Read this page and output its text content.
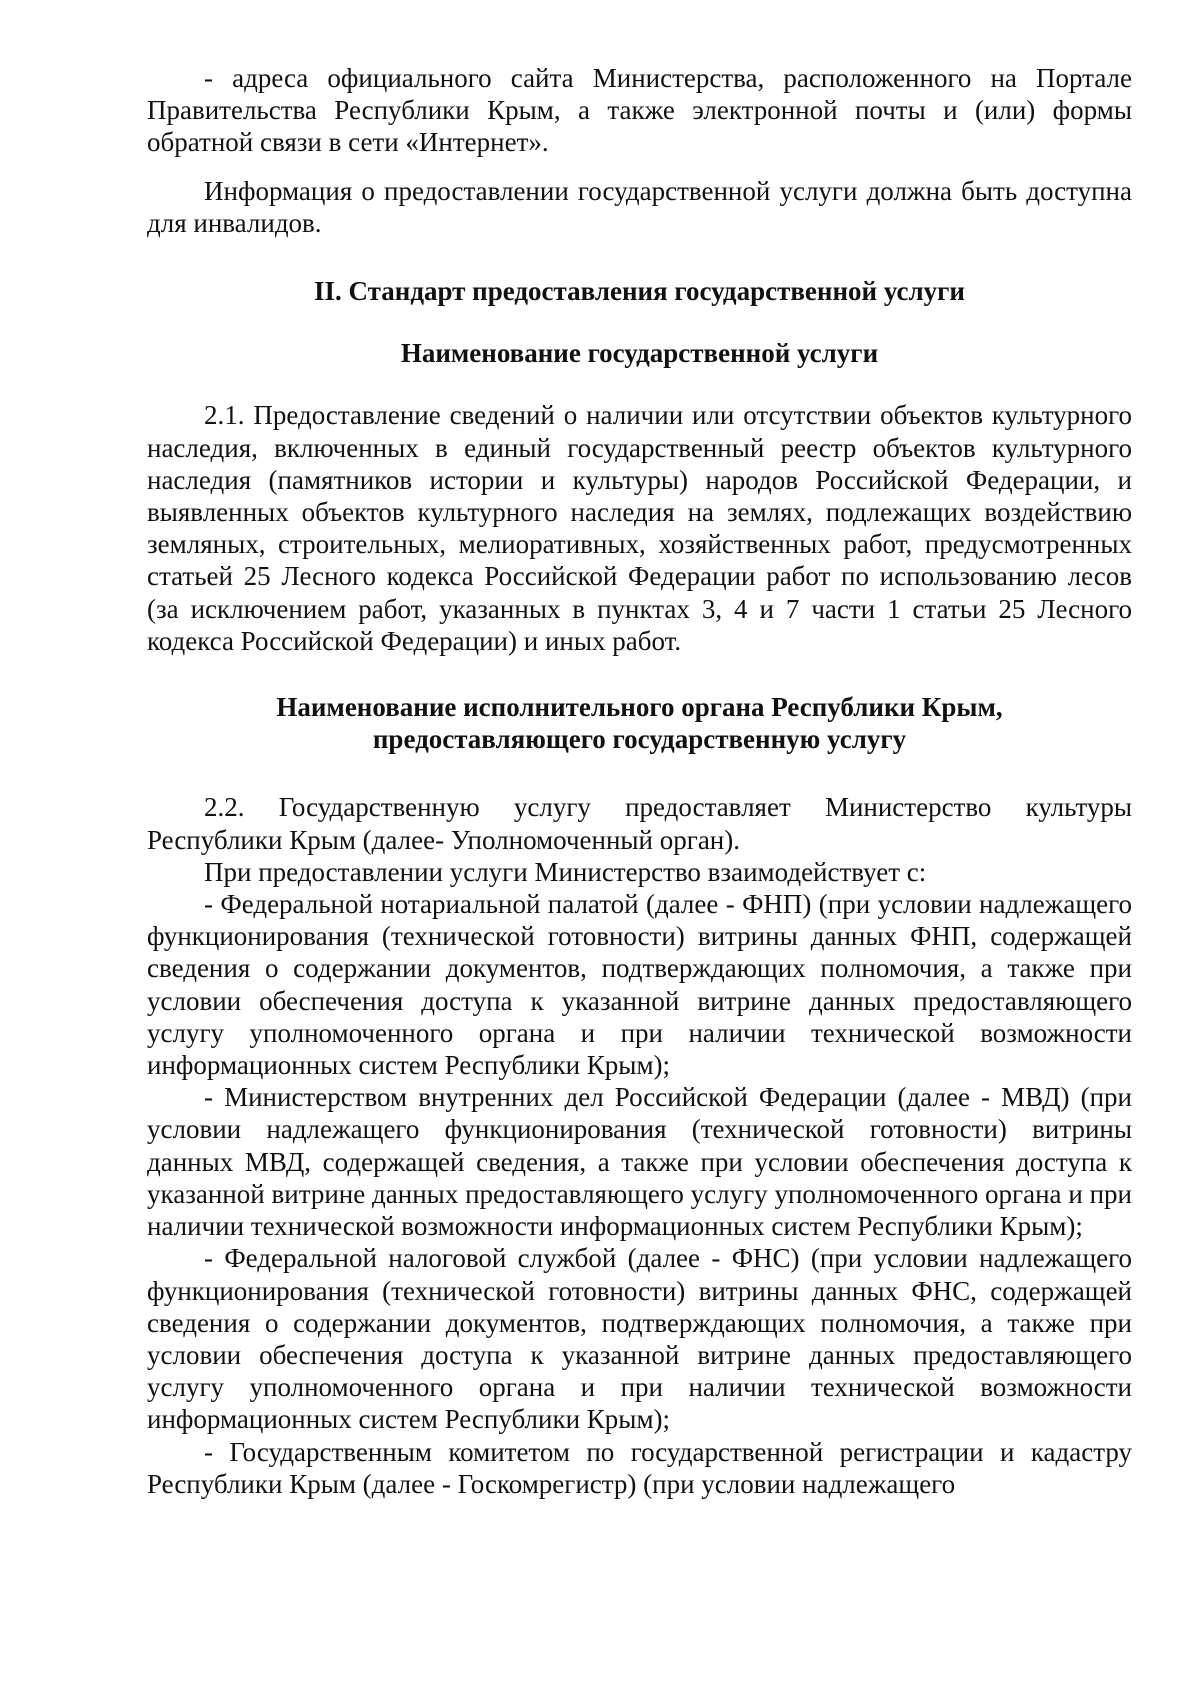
- адреса официального сайта Министерства, расположенного на Портале Правительства Республики Крым, а также электронной почты и (или) формы обратной связи в сети «Интернет».

Информация о предоставлении государственной услуги должна быть доступна для инвалидов.

II. Стандарт предоставления государственной услуги

Наименование государственной услуги

2.1. Предоставление сведений о наличии или отсутствии объектов культурного наследия, включенных в единый государственный реестр объектов культурного наследия (памятников истории и культуры) народов Российской Федерации, и выявленных объектов культурного наследия на землях, подлежащих воздействию земляных, строительных, мелиоративных, хозяйственных работ, предусмотренных статьей 25 Лесного кодекса Российской Федерации работ по использованию лесов (за исключением работ, указанных в пунктах 3, 4 и 7 части 1 статьи 25 Лесного кодекса Российской Федерации) и иных работ.

Наименование исполнительного органа Республики Крым,
предоставляющего государственную услугу

2.2. Государственную услугу предоставляет Министерство культуры Республики Крым (далее- Уполномоченный орган).

При предоставлении услуги Министерство взаимодействует с:

- Федеральной нотариальной палатой (далее - ФНП) (при условии надлежащего функционирования (технической готовности) витрины данных ФНП, содержащей сведения о содержании документов, подтверждающих полномочия, а также при условии обеспечения доступа к указанной витрине данных предоставляющего услугу уполномоченного органа и при наличии технической возможности информационных систем Республики Крым);

- Министерством внутренних дел Российской Федерации (далее - МВД) (при условии надлежащего функционирования (технической готовности) витрины данных МВД, содержащей сведения, а также при условии обеспечения доступа к указанной витрине данных предоставляющего услугу уполномоченного органа и при наличии технической возможности информационных систем Республики Крым);

- Федеральной налоговой службой (далее - ФНС) (при условии надлежащего функционирования (технической готовности) витрины данных ФНС, содержащей сведения о содержании документов, подтверждающих полномочия, а также при условии обеспечения доступа к указанной витрине данных предоставляющего услугу уполномоченного органа и при наличии технической возможности информационных систем Республики Крым);

- Государственным комитетом по государственной регистрации и кадастру Республики Крым (далее - Госкомрегистр) (при условии надлежащего
